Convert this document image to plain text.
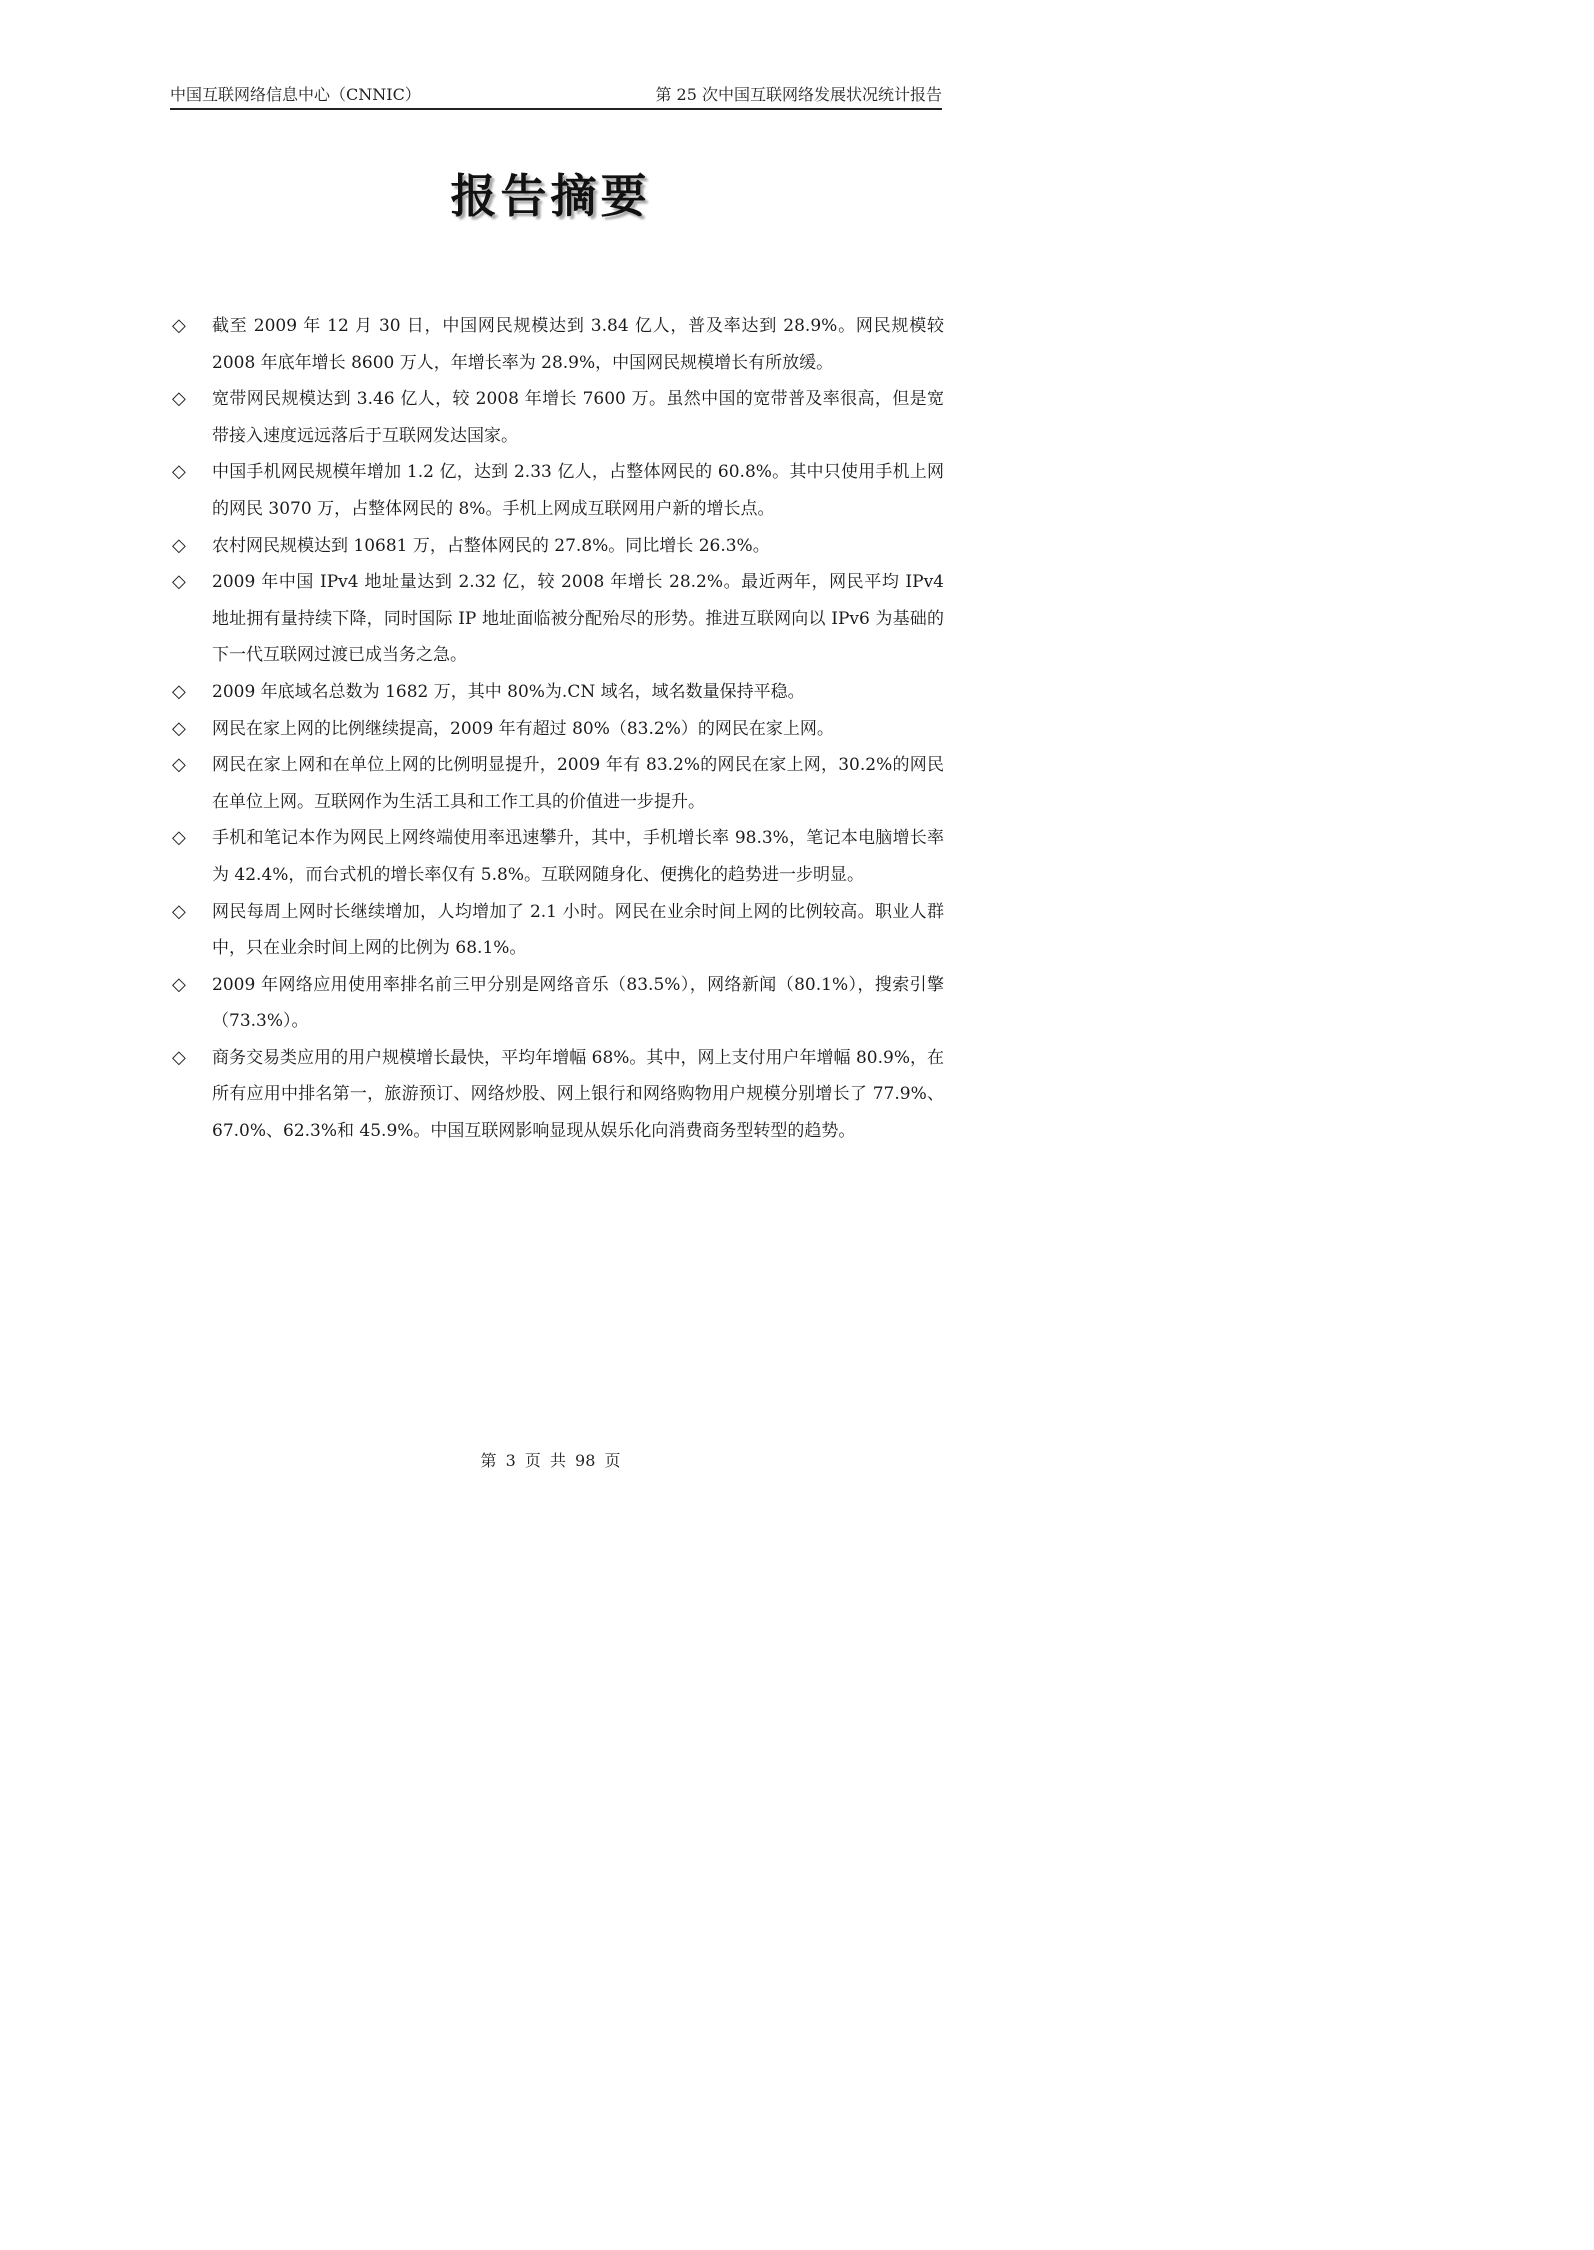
中国互联网络信息中心（CNNIC）	第 25 次中国互联网络发展状况统计报告
报告摘要
◇	截至 2009 年 12 月 30 日，中国网民规模达到 3.84 亿人，普及率达到 28.9%。网民规模较 2008 年底年增长 8600 万人，年增长率为 28.9%，中国网民规模增长有所放缓。
◇	宽带网民规模达到 3.46 亿人，较 2008 年增长 7600 万。虽然中国的宽带普及率很高，但是宽带接入速度远远落后于互联网发达国家。
◇	中国手机网民规模年增加 1.2 亿，达到 2.33 亿人，占整体网民的 60.8%。其中只使用手机上网的网民 3070 万，占整体网民的 8%。手机上网成互联网用户新的增长点。
◇	农村网民规模达到 10681 万，占整体网民的 27.8%。同比增长 26.3%。
◇	2009 年中国 IPv4 地址量达到 2.32 亿，较 2008 年增长 28.2%。最近两年，网民平均 IPv4 地址拥有量持续下降，同时国际 IP 地址面临被分配殆尽的形势。推进互联网向以 IPv6 为基础的下一代互联网过渡已成当务之急。
◇	2009 年底域名总数为 1682 万，其中 80%为.CN 域名，域名数量保持平稳。
◇	网民在家上网的比例继续提高，2009 年有超过 80%（83.2%）的网民在家上网。
◇	网民在家上网和在单位上网的比例明显提升，2009 年有 83.2%的网民在家上网，30.2%的网民在单位上网。互联网作为生活工具和工作工具的价值进一步提升。
◇	手机和笔记本作为网民上网终端使用率迅速攀升，其中，手机增长率 98.3%，笔记本电脑增长率为 42.4%，而台式机的增长率仅有 5.8%。互联网随身化、便携化的趋势进一步明显。
◇	网民每周上网时长继续增加，人均增加了 2.1 小时。网民在业余时间上网的比例较高。职业人群中，只在业余时间上网的比例为 68.1%。
◇	2009 年网络应用使用率排名前三甲分别是网络音乐（83.5%），网络新闻（80.1%），搜索引擎（73.3%）。
◇	商务交易类应用的用户规模增长最快，平均年增幅 68%。其中，网上支付用户年增幅 80.9%，在所有应用中排名第一，旅游预订、网络炒股、网上银行和网络购物用户规模分别增长了 77.9%、67.0%、62.3%和 45.9%。中国互联网影响显现从娱乐化向消费商务型转型的趋势。
第 3 页 共 98 页
